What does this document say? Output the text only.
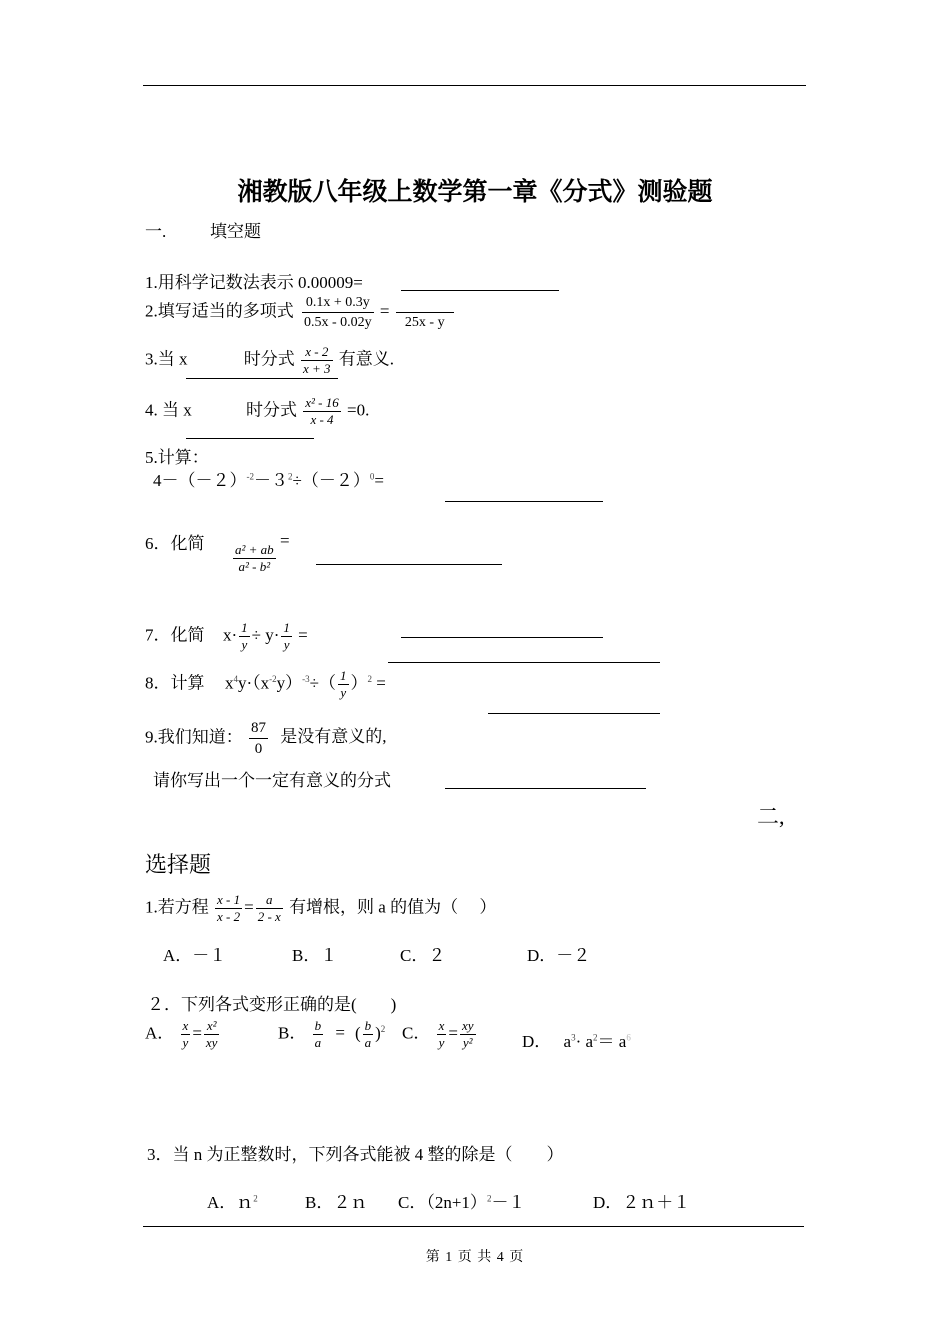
湘教版八年级上数学第一章《分式》测验题
一.	填空题
1.用科学记数法表示 0.00009=
2.填写适当的多项式 $\frac{0.1x + 0.3y}{0.5x - 0.02y}$ =
25x - y
3.当 x	时分式 $\frac{x - 2}{x + 3}$ 有意义.
4. 当 x	时分式 $\frac{\text{x² - 16}}{x - 4} =0$.
5.计算：
$4-(-2)^{-2}-3^2\div(-2)^0=$
6．化简 $\frac{\text{a² + ab}}{\text{a² - b²}}$
=
7．化简 $x\cdot \frac{1}{y} \div y\cdot \frac{1}{y}$ =
8．计算 $x^4y\cdot(x^{-2}y)^{-3}\div( \frac{1}{y} )^2$ =
9.我们知道： $\frac{87}{0}$ 是没有意义的,
请你写出一个一定有意义的分式
二,
选择题
1.若方程 $\frac{x - 1}{x - 2} = \frac{a}{2 - x}$ 有增根，则 a 的值为（　 ）
A．－１	B．１	C．２	D．－２
２．下列各式变形正确的是(　　)
A． $\frac{x}{y} = \frac{\text{x²}}{xy}$	B． $\frac{b}{a}$ = ( $\frac{b}{a} )^2$ C． $\frac{x}{y} = \frac{xy}{\text{y²}}$	D． $a^3\cdot a^2= a^6$
3．当 n 为正整数时，下列各式能被 4 整的除是（　　）
A．ｎ$^2$	B．２ｎ C．$(2n+1)^2-1$	D．２ｎ＋１
第 1 页 共 4 页
